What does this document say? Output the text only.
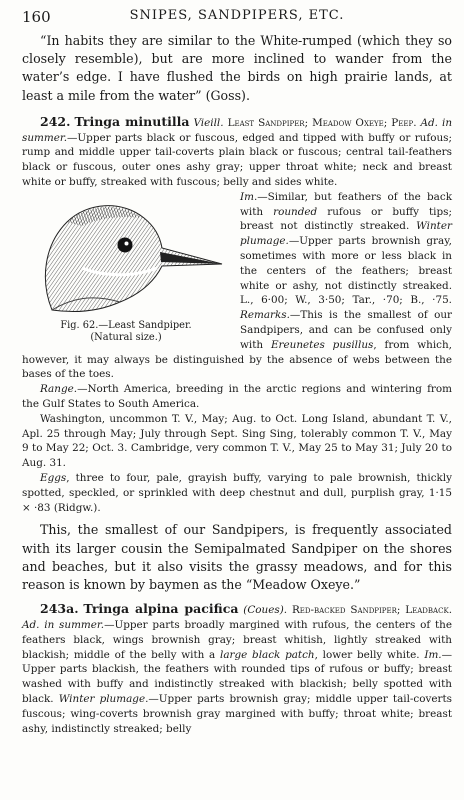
160	SNIPES, SANDPIPERS, ETC.

“In habits they are similar to the White-rumped (which they so closely resemble), but are more inclined to wander from the water’s edge. I have flushed the birds on high prairie lands, at least a mile from the water” (Goss).

242. Tringa minutilla Vieill. Least Sandpiper; Meadow Oxeye; Peep. Ad. in summer.—Upper parts black or fuscous, edged and tipped with buffy or rufous; rump and middle upper tail-coverts plain black or fuscous; central tail-feathers black or fuscous, outer ones ashy gray; upper throat white; neck and breast white or buffy, streaked with fuscous; belly and sides white.

Fig. 62.—Least Sandpiper.
(Natural size.)

Im.—Similar, but feathers of the back with rounded rufous or buffy tips; breast not distinctly streaked. Winter plumage.—Upper parts brownish gray, sometimes with more or less black in the centers of the feathers; breast white or ashy, not distinctly streaked. L., 6·00; W., 3·50; Tar., ·70; B., ·75. Remarks.—This is the smallest of our Sandpipers, and can be confused only with Ereunetes pusillus, from which, however, it may always be distinguished by the absence of webs between the bases of the toes.

Range.—North America, breeding in the arctic regions and wintering from the Gulf States to South America.

Washington, uncommon T. V., May; Aug. to Oct. Long Island, abundant T. V., Apl. 25 through May; July through Sept. Sing Sing, tolerably common T. V., May 9 to May 22; Oct. 3. Cambridge, very common T. V., May 25 to May 31; July 20 to Aug. 31.

Eggs, three to four, pale, grayish buffy, varying to pale brownish, thickly spotted, speckled, or sprinkled with deep chestnut and dull, purplish gray, 1·15 × ·83 (Ridgw.).

This, the smallest of our Sandpipers, is frequently associated with its larger cousin the Semipalmated Sandpiper on the shores and beaches, but it also visits the grassy meadows, and for this reason is known by baymen as the “Meadow Oxeye.”

243a. Tringa alpina pacifica (Coues). Red-backed Sandpiper; Leadback. Ad. in summer.—Upper parts broadly margined with rufous, the centers of the feathers black, wings brownish gray; breast whitish, lightly streaked with blackish; middle of the belly with a large black patch, lower belly white. Im.—Upper parts blackish, the feathers with rounded tips of rufous or buffy; breast washed with buffy and indistinctly streaked with blackish; belly spotted with black. Winter plumage.—Upper parts brownish gray; middle upper tail-coverts fuscous; wing-coverts brownish gray margined with buffy; throat white; breast ashy, indistinctly streaked; belly
